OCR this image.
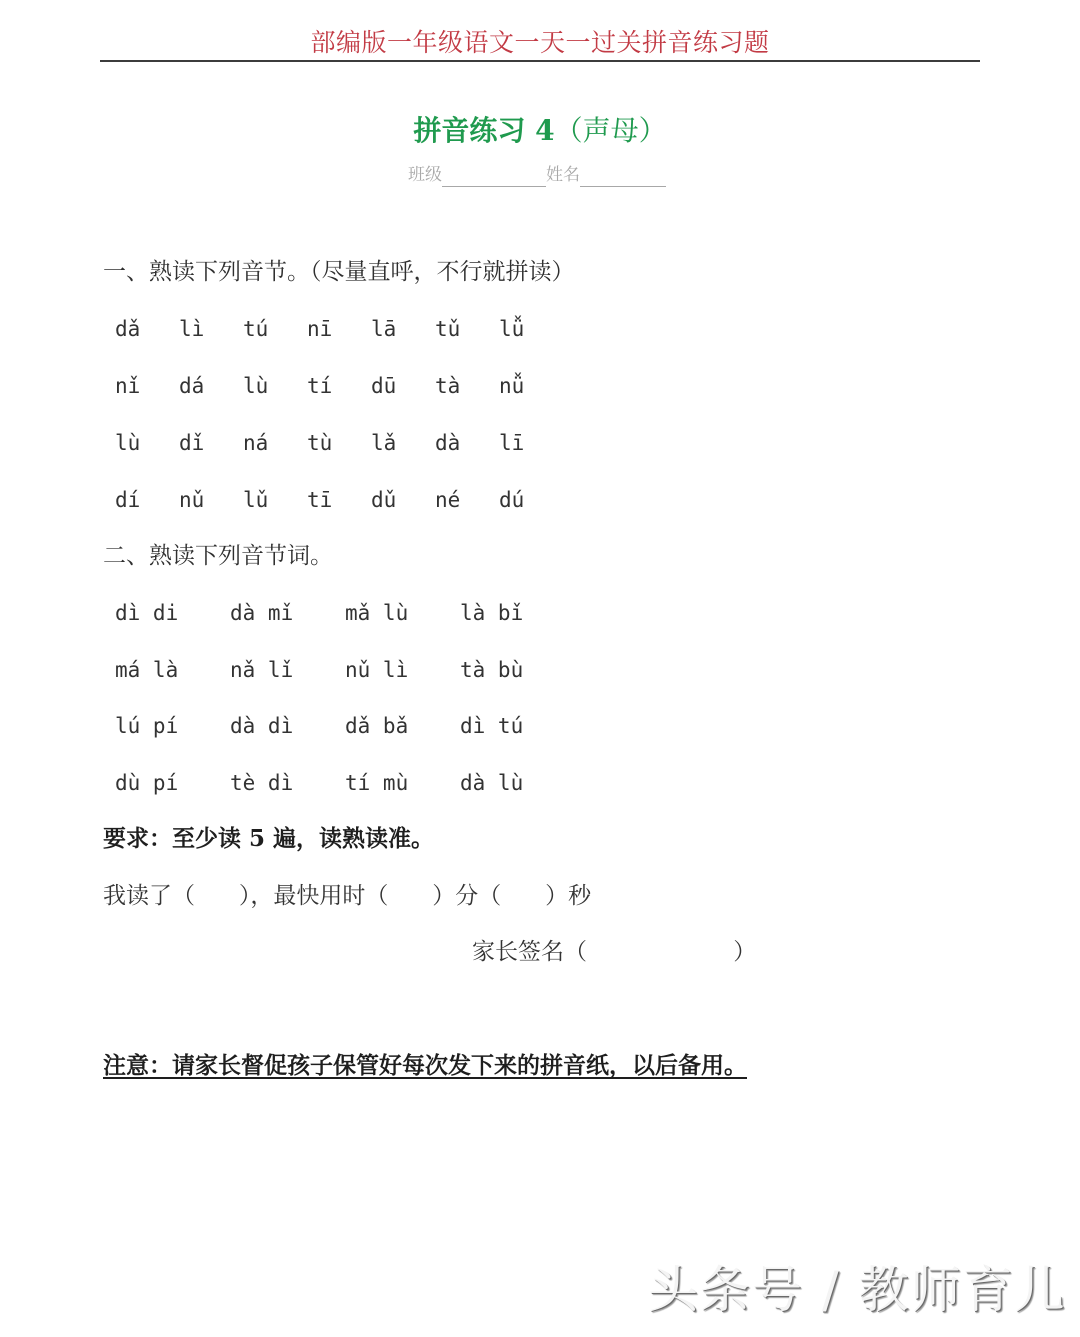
部编版一年级语文一天一过关拼音练习题
拼音练习 4（声母）
班级	姓名
一、熟读下列音节。（尽量直呼，不行就拼读）
dǎ	lì	tú	nī	lā	tǔ	lǚ
nǐ	dá	lù	tí	dū	tà	nǚ
lù	dǐ	ná	tù	lǎ	dà	lī
dí	nǔ	lǔ	tī	dǔ	né	dú
二、熟读下列音节词。
dì di	dà mǐ	mǎ lù	là bǐ
má là	nǎ lǐ	nǔ lì	tà bù
lú pí	dà dì	dǎ bǎ	dì tú
dù pí	tè dì	tí mù	dà lù
要求：至少读 5 遍，读熟读准。
我读了（      ），最快用时（      ）分（      ）秒
家长签名（                    ）
注意：请家长督促孩子保管好每次发下来的拼音纸，以后备用。
头条号 / 教师育儿
